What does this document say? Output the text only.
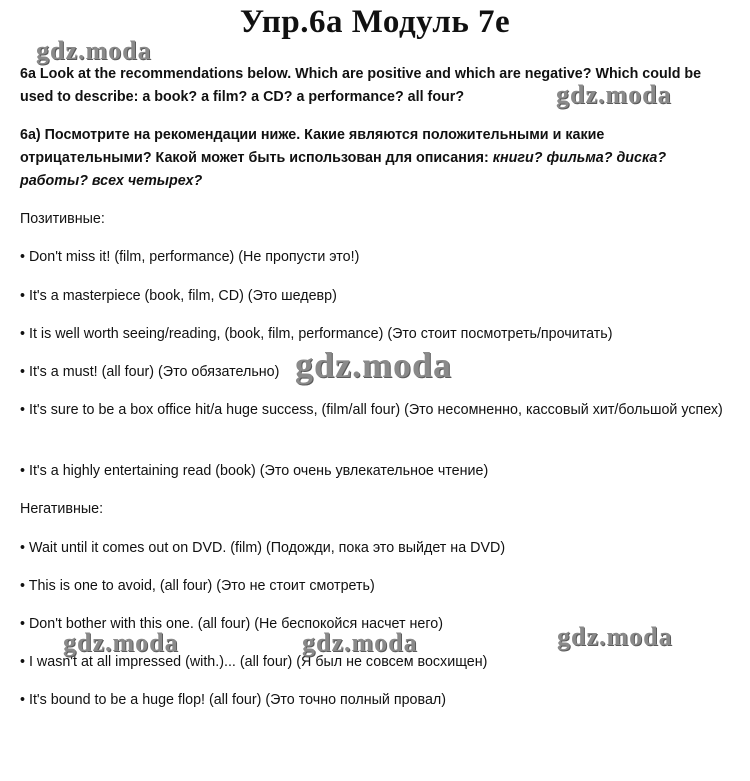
Упр.6а Модуль 7е

6a Look at the recommendations below. Which are positive and which are negative? Which could be used to describe: a book? a film? a CD? a performance? all four?

6а) Посмотрите на рекомендации ниже. Какие являются положительными и какие отрицательными? Какой может быть использован для описания: книги? фильма? диска? работы? всех четырех?

Позитивные:

• Don't miss it! (film, performance) (Не пропусти это!)

• It's a masterpiece (book, film, CD) (Это шедевр)

• It is well worth seeing/reading, (book, film, performance) (Это стоит посмотреть/прочитать)

• It's a must! (all four) (Это обязательно)

• It's sure to be a box office hit/a huge success, (film/all four) (Это несомненно, кассовый хит/большой успех)

• It's a highly entertaining read (book) (Это очень увлекательное чтение)

Негативные:

• Wait until it comes out on DVD. (film) (Подожди, пока это выйдет на DVD)

• This is one to avoid, (all four) (Это не стоит смотреть)

• Don't bother with this one. (all four) (Не беспокойся насчет него)

• I wasn't at all impressed (with.)... (all four) (Я был не совсем восхищен)

• It's bound to be a huge flop! (all four) (Это точно полный провал)

gdz.moda
gdz.moda
gdz.moda
gdz.moda	gdz.moda	gdz.moda
